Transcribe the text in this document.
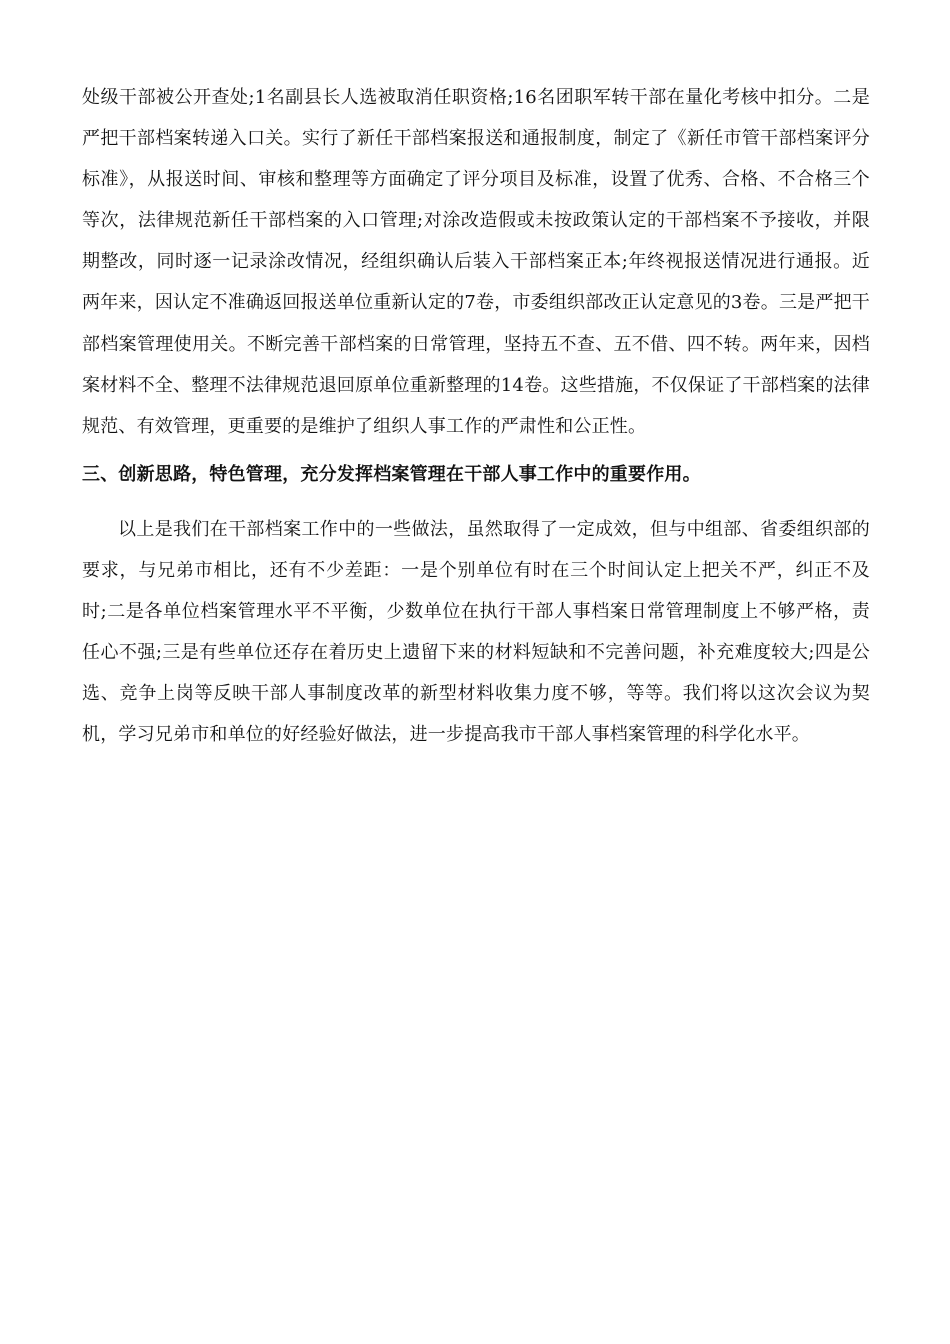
处级干部被公开查处;1名副县长人选被取消任职资格;16名团职军转干部在量化考核中扣分。二是严把干部档案转递入口关。实行了新任干部档案报送和通报制度，制定了《新任市管干部档案评分标准》，从报送时间、审核和整理等方面确定了评分项目及标准，设置了优秀、合格、不合格三个等次，法律规范新任干部档案的入口管理;对涂改造假或未按政策认定的干部档案不予接收，并限期整改，同时逐一记录涂改情况，经组织确认后装入干部档案正本;年终视报送情况进行通报。近两年来，因认定不准确返回报送单位重新认定的7卷，市委组织部改正认定意见的3卷。三是严把干部档案管理使用关。不断完善干部档案的日常管理，坚持五不查、五不借、四不转。两年来，因档案材料不全、整理不法律规范退回原单位重新整理的14卷。这些措施，不仅保证了干部档案的法律规范、有效管理，更重要的是维护了组织人事工作的严肃性和公正性。
三、创新思路，特色管理，充分发挥档案管理在干部人事工作中的重要作用。
以上是我们在干部档案工作中的一些做法，虽然取得了一定成效，但与中组部、省委组织部的要求，与兄弟市相比，还有不少差距：一是个别单位有时在三个时间认定上把关不严，纠正不及时;二是各单位档案管理水平不平衡，少数单位在执行干部人事档案日常管理制度上不够严格，责任心不强;三是有些单位还存在着历史上遗留下来的材料短缺和不完善问题，补充难度较大;四是公选、竞争上岗等反映干部人事制度改革的新型材料收集力度不够，等等。我们将以这次会议为契机，学习兄弟市和单位的好经验好做法，进一步提高我市干部人事档案管理的科学化水平。
